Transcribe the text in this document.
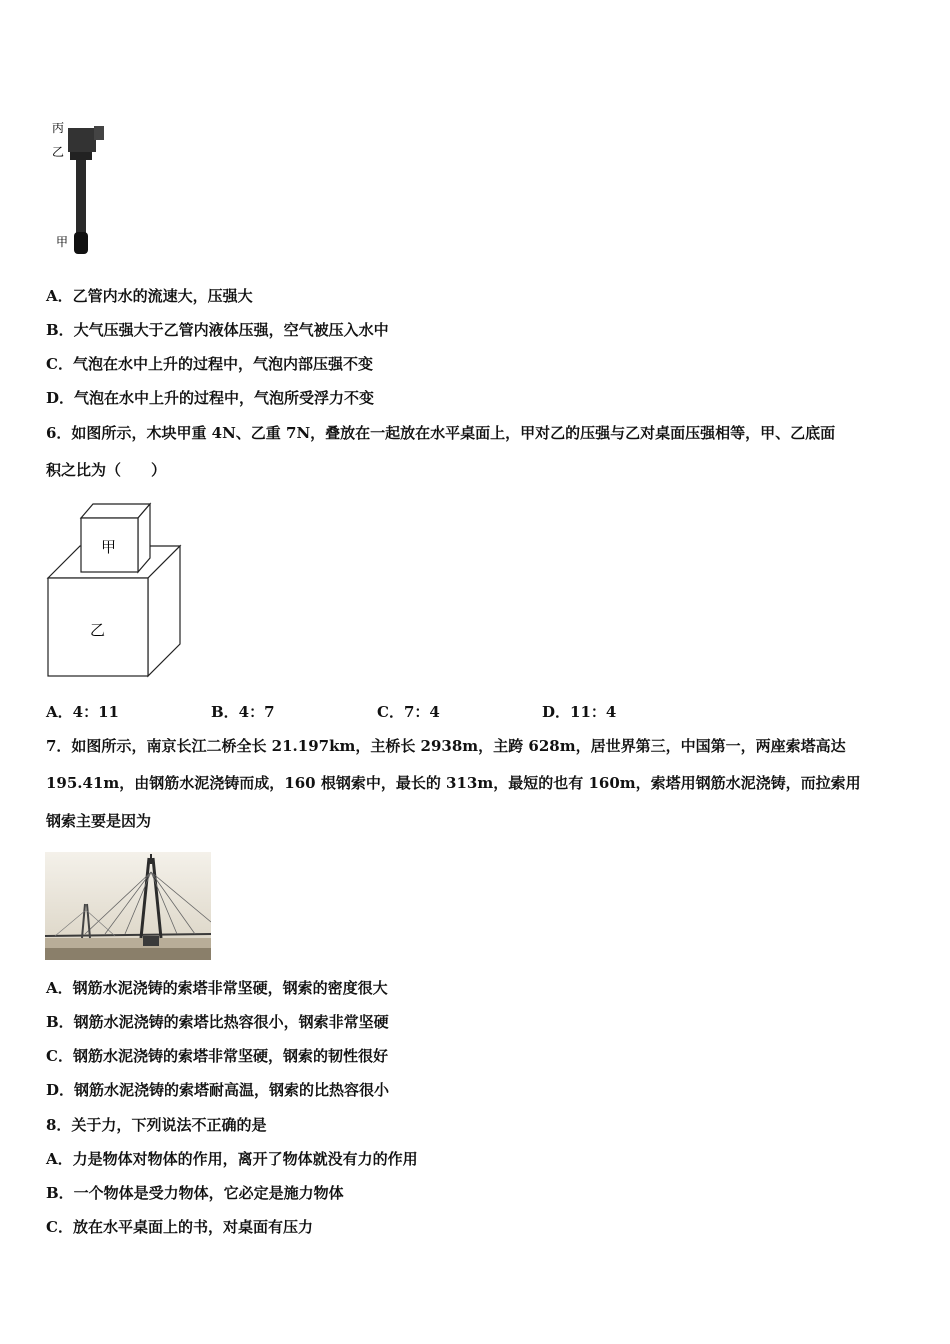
丙
乙
甲
A．乙管内水的流速大，压强大
B．大气压强大于乙管内液体压强，空气被压入水中
C．气泡在水中上升的过程中，气泡内部压强不变
D．气泡在水中上升的过程中，气泡所受浮力不变
6．如图所示，木块甲重 4N、乙重 7N，叠放在一起放在水平桌面上，甲对乙的压强与乙对桌面压强相等，甲、乙底面
积之比为（　　）
甲
乙
A．4：11	B．4：7	C．7：4	D．11：4
7．如图所示，南京长江二桥全长 21.197km，主桥长 2938m，主跨 628m，居世界第三，中国第一，两座索塔高达
195.41m，由钢筋水泥浇铸而成，160 根钢索中，最长的 313m，最短的也有 160m，索塔用钢筋水泥浇铸，而拉索用
钢索主要是因为
A．钢筋水泥浇铸的索塔非常坚硬，钢索的密度很大
B．钢筋水泥浇铸的索塔比热容很小，钢索非常坚硬
C．钢筋水泥浇铸的索塔非常坚硬，钢索的韧性很好
D．钢筋水泥浇铸的索塔耐高温，钢索的比热容很小
8．关于力，下列说法不正确的是
A．力是物体对物体的作用，离开了物体就没有力的作用
B．一个物体是受力物体，它必定是施力物体
C．放在水平桌面上的书，对桌面有压力
